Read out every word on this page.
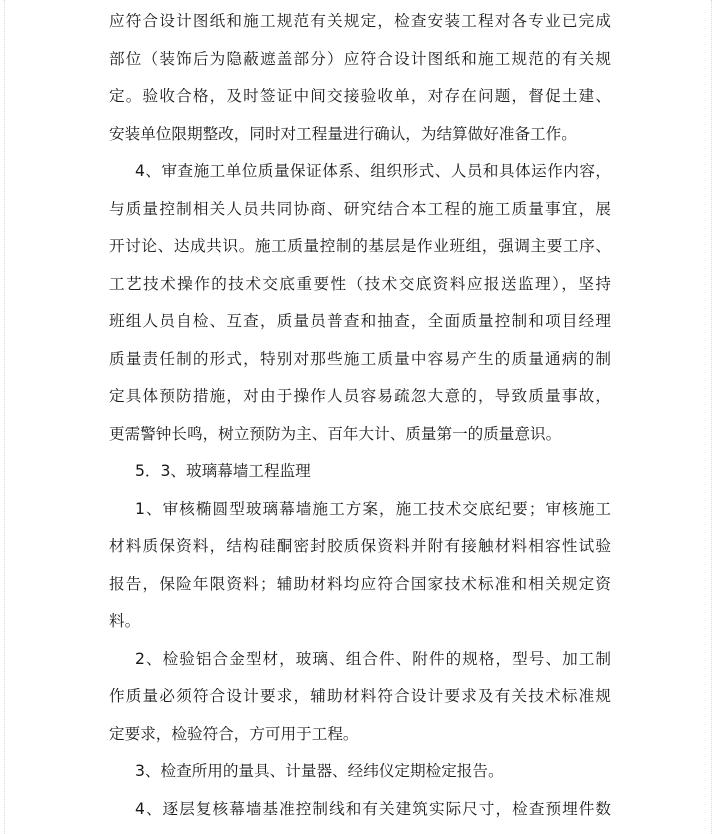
应符合设计图纸和施工规范有关规定，检查安装工程对各专业已完成
部位（装饰后为隐蔽遮盖部分）应符合设计图纸和施工规范的有关规
定。验收合格，及时签证中间交接验收单，对存在问题，督促土建、
安装单位限期整改，同时对工程量进行确认，为结算做好准备工作。
4、审查施工单位质量保证体系、组织形式、人员和具体运作内容，
与质量控制相关人员共同协商、研究结合本工程的施工质量事宜，展
开讨论、达成共识。施工质量控制的基层是作业班组，强调主要工序、
工艺技术操作的技术交底重要性（技术交底资料应报送监理），坚持
班组人员自检、互查，质量员普查和抽查，全面质量控制和项目经理
质量责任制的形式，特别对那些施工质量中容易产生的质量通病的制
定具体预防措施，对由于操作人员容易疏忽大意的，导致质量事故，
更需警钟长鸣，树立预防为主、百年大计、质量第一的质量意识。
5．3、玻璃幕墙工程监理
1、审核椭圆型玻璃幕墙施工方案，施工技术交底纪要；审核施工
材料质保资料，结构硅酮密封胶质保资料并附有接触材料相容性试验
报告，保险年限资料；辅助材料均应符合国家技术标准和相关规定资
料。
2、检验铝合金型材，玻璃、组合件、附件的规格，型号、加工制
作质量必须符合设计要求，辅助材料符合设计要求及有关技术标准规
定要求，检验符合，方可用于工程。
3、检查所用的量具、计量器、经纬仪定期检定报告。
4、逐层复核幕墙基准控制线和有关建筑实际尺寸，检查预埋件数
